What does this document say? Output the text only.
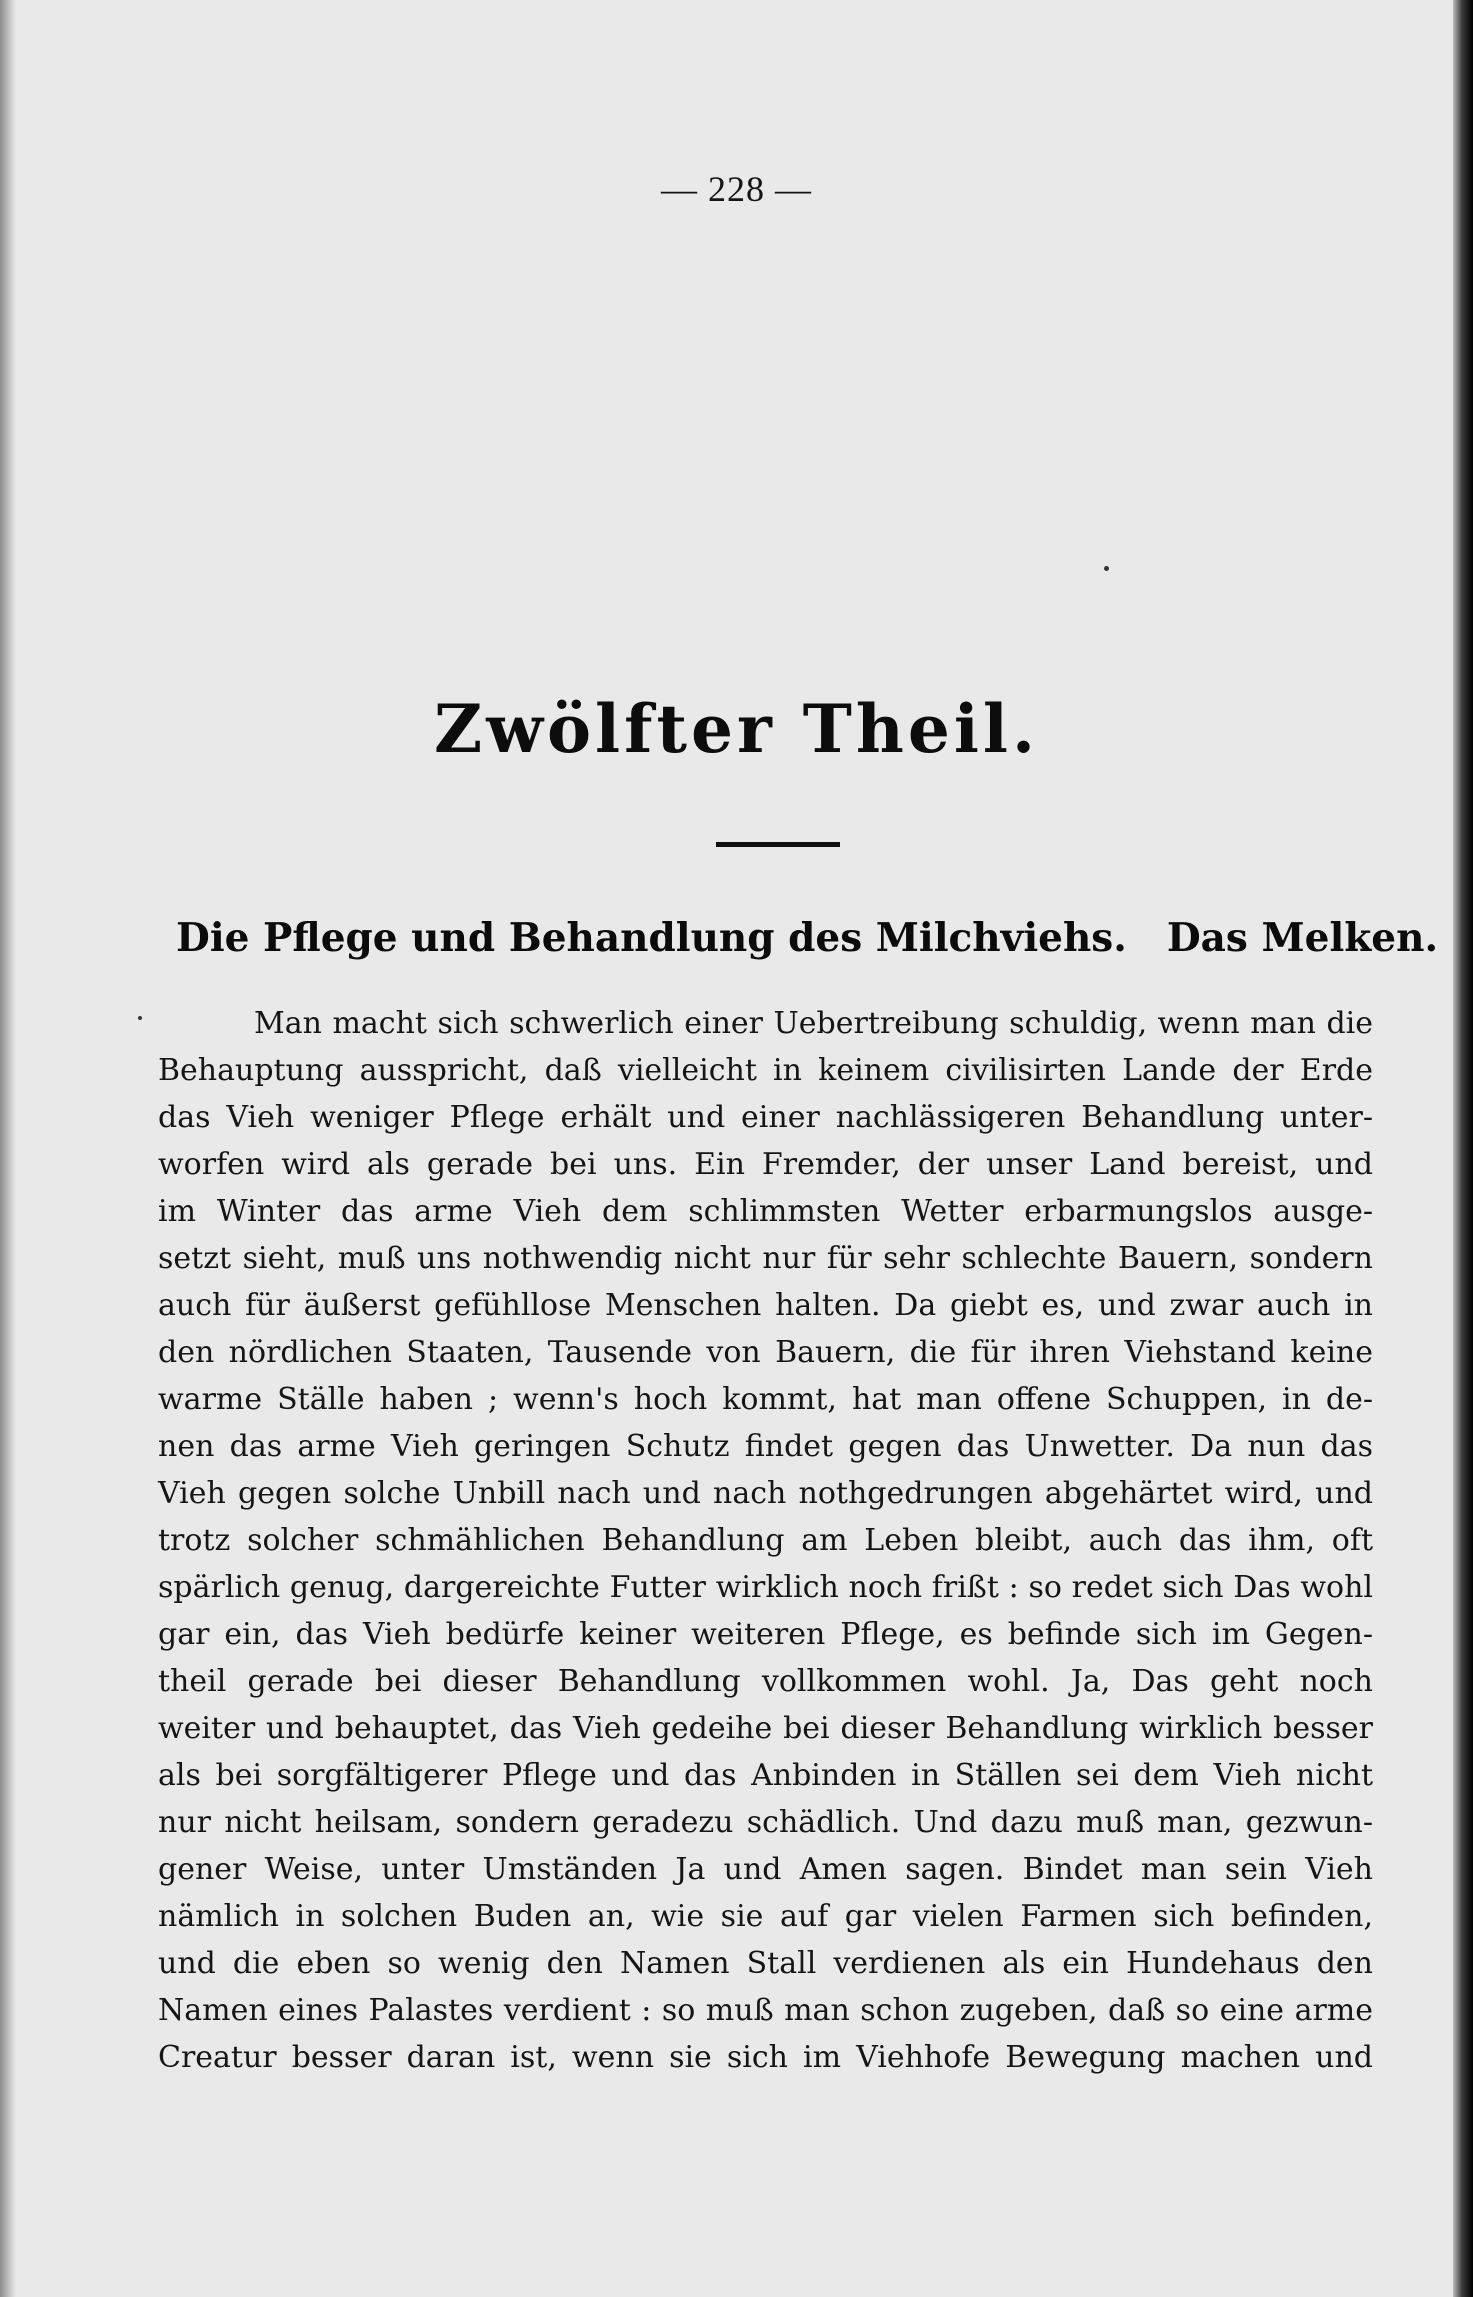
— 228 —
Zwölfter Theil.
Die Pflege und Behandlung des Milchviehs. Das Melken.
Man macht sich schwerlich einer Uebertreibung schuldig, wenn man die
Behauptung ausspricht, daß vielleicht in keinem civilisirten Lande der Erde
das Vieh weniger Pflege erhält und einer nachlässigeren Behandlung unter-
worfen wird als gerade bei uns. Ein Fremder, der unser Land bereist, und
im Winter das arme Vieh dem schlimmsten Wetter erbarmungslos ausge-
setzt sieht, muß uns nothwendig nicht nur für sehr schlechte Bauern, sondern
auch für äußerst gefühllose Menschen halten. Da giebt es, und zwar auch in
den nördlichen Staaten, Tausende von Bauern, die für ihren Viehstand keine
warme Ställe haben ; wenn's hoch kommt, hat man offene Schuppen, in de-
nen das arme Vieh geringen Schutz findet gegen das Unwetter. Da nun das
Vieh gegen solche Unbill nach und nach nothgedrungen abgehärtet wird, und
trotz solcher schmählichen Behandlung am Leben bleibt, auch das ihm, oft
spärlich genug, dargereichte Futter wirklich noch frißt : so redet sich Das wohl
gar ein, das Vieh bedürfe keiner weiteren Pflege, es befinde sich im Gegen-
theil gerade bei dieser Behandlung vollkommen wohl. Ja, Das geht noch
weiter und behauptet, das Vieh gedeihe bei dieser Behandlung wirklich besser
als bei sorgfältigerer Pflege und das Anbinden in Ställen sei dem Vieh nicht
nur nicht heilsam, sondern geradezu schädlich. Und dazu muß man, gezwun-
gener Weise, unter Umständen Ja und Amen sagen. Bindet man sein Vieh
nämlich in solchen Buden an, wie sie auf gar vielen Farmen sich befinden,
und die eben so wenig den Namen Stall verdienen als ein Hundehaus den
Namen eines Palastes verdient : so muß man schon zugeben, daß so eine arme
Creatur besser daran ist, wenn sie sich im Viehhofe Bewegung machen und
